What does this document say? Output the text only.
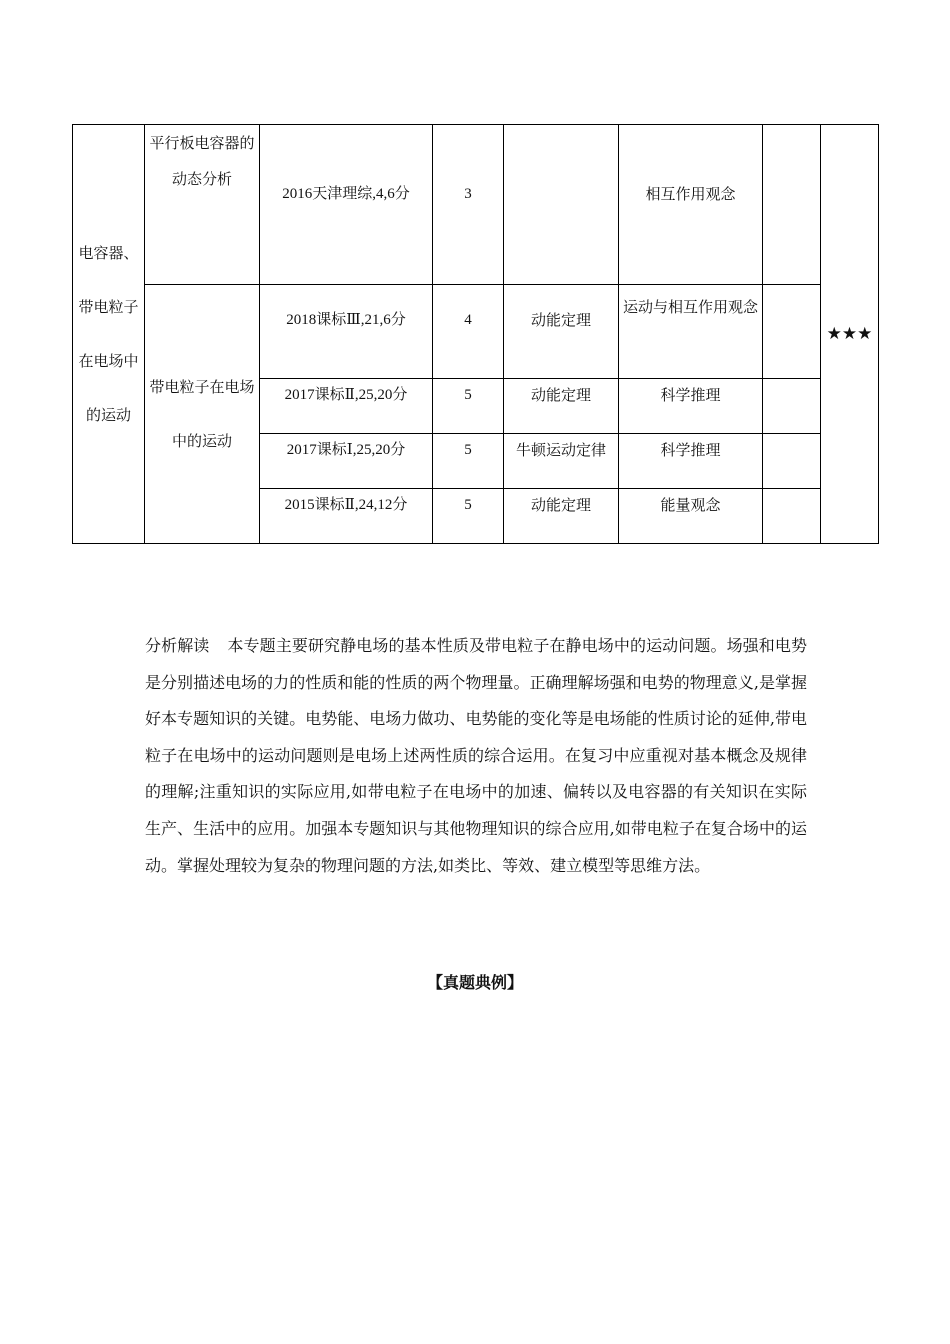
电容器、带电粒子在电场中的运动	平行板电容器的动态分析	2016天津理综,4,6分	3		相互作用观念		★★★
	带电粒子在电场中的运动	2018课标Ⅲ,21,6分	4	动能定理	运动与相互作用观念		
		2017课标Ⅱ,25,20分	5	动能定理	科学推理		
		2017课标Ⅰ,25,20分	5	牛顿运动定律	科学推理		
		2015课标Ⅱ,24,12分	5	动能定理	能量观念		

分析解读 本专题主要研究静电场的基本性质及带电粒子在静电场中的运动问题。场强和电势是分别描述电场的力的性质和能的性质的两个物理量。正确理解场强和电势的物理意义,是掌握好本专题知识的关键。电势能、电场力做功、电势能的变化等是电场能的性质讨论的延伸,带电粒子在电场中的运动问题则是电场上述两性质的综合运用。在复习中应重视对基本概念及规律的理解;注重知识的实际应用,如带电粒子在电场中的加速、偏转以及电容器的有关知识在实际生产、生活中的应用。加强本专题知识与其他物理知识的综合应用,如带电粒子在复合场中的运动。掌握处理较为复杂的物理问题的方法,如类比、等效、建立模型等思维方法。

【真题典例】
